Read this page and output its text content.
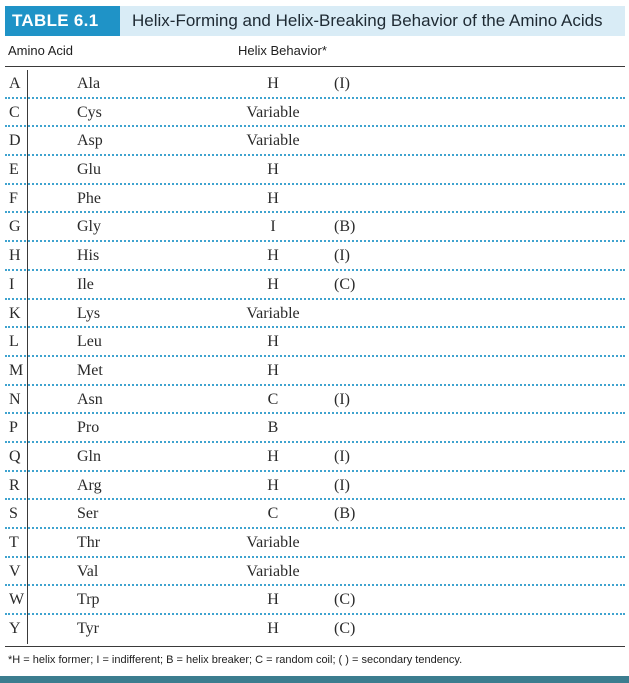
TABLE 6.1	Helix-Forming and Helix-Breaking Behavior of the Amino Acids
Amino Acid	Helix Behavior*
A	Ala	H	(I)
C	Cys	Variable
D	Asp	Variable
E	Glu	H
F	Phe	H
G	Gly	I	(B)
H	His	H	(I)
I	Ile	H	(C)
K	Lys	Variable
L	Leu	H
M	Met	H
N	Asn	C	(I)
P	Pro	B
Q	Gln	H	(I)
R	Arg	H	(I)
S	Ser	C	(B)
T	Thr	Variable
V	Val	Variable
W	Trp	H	(C)
Y	Tyr	H	(C)
*H = helix former; I = indifferent; B = helix breaker; C = random coil; ( ) = secondary tendency.
